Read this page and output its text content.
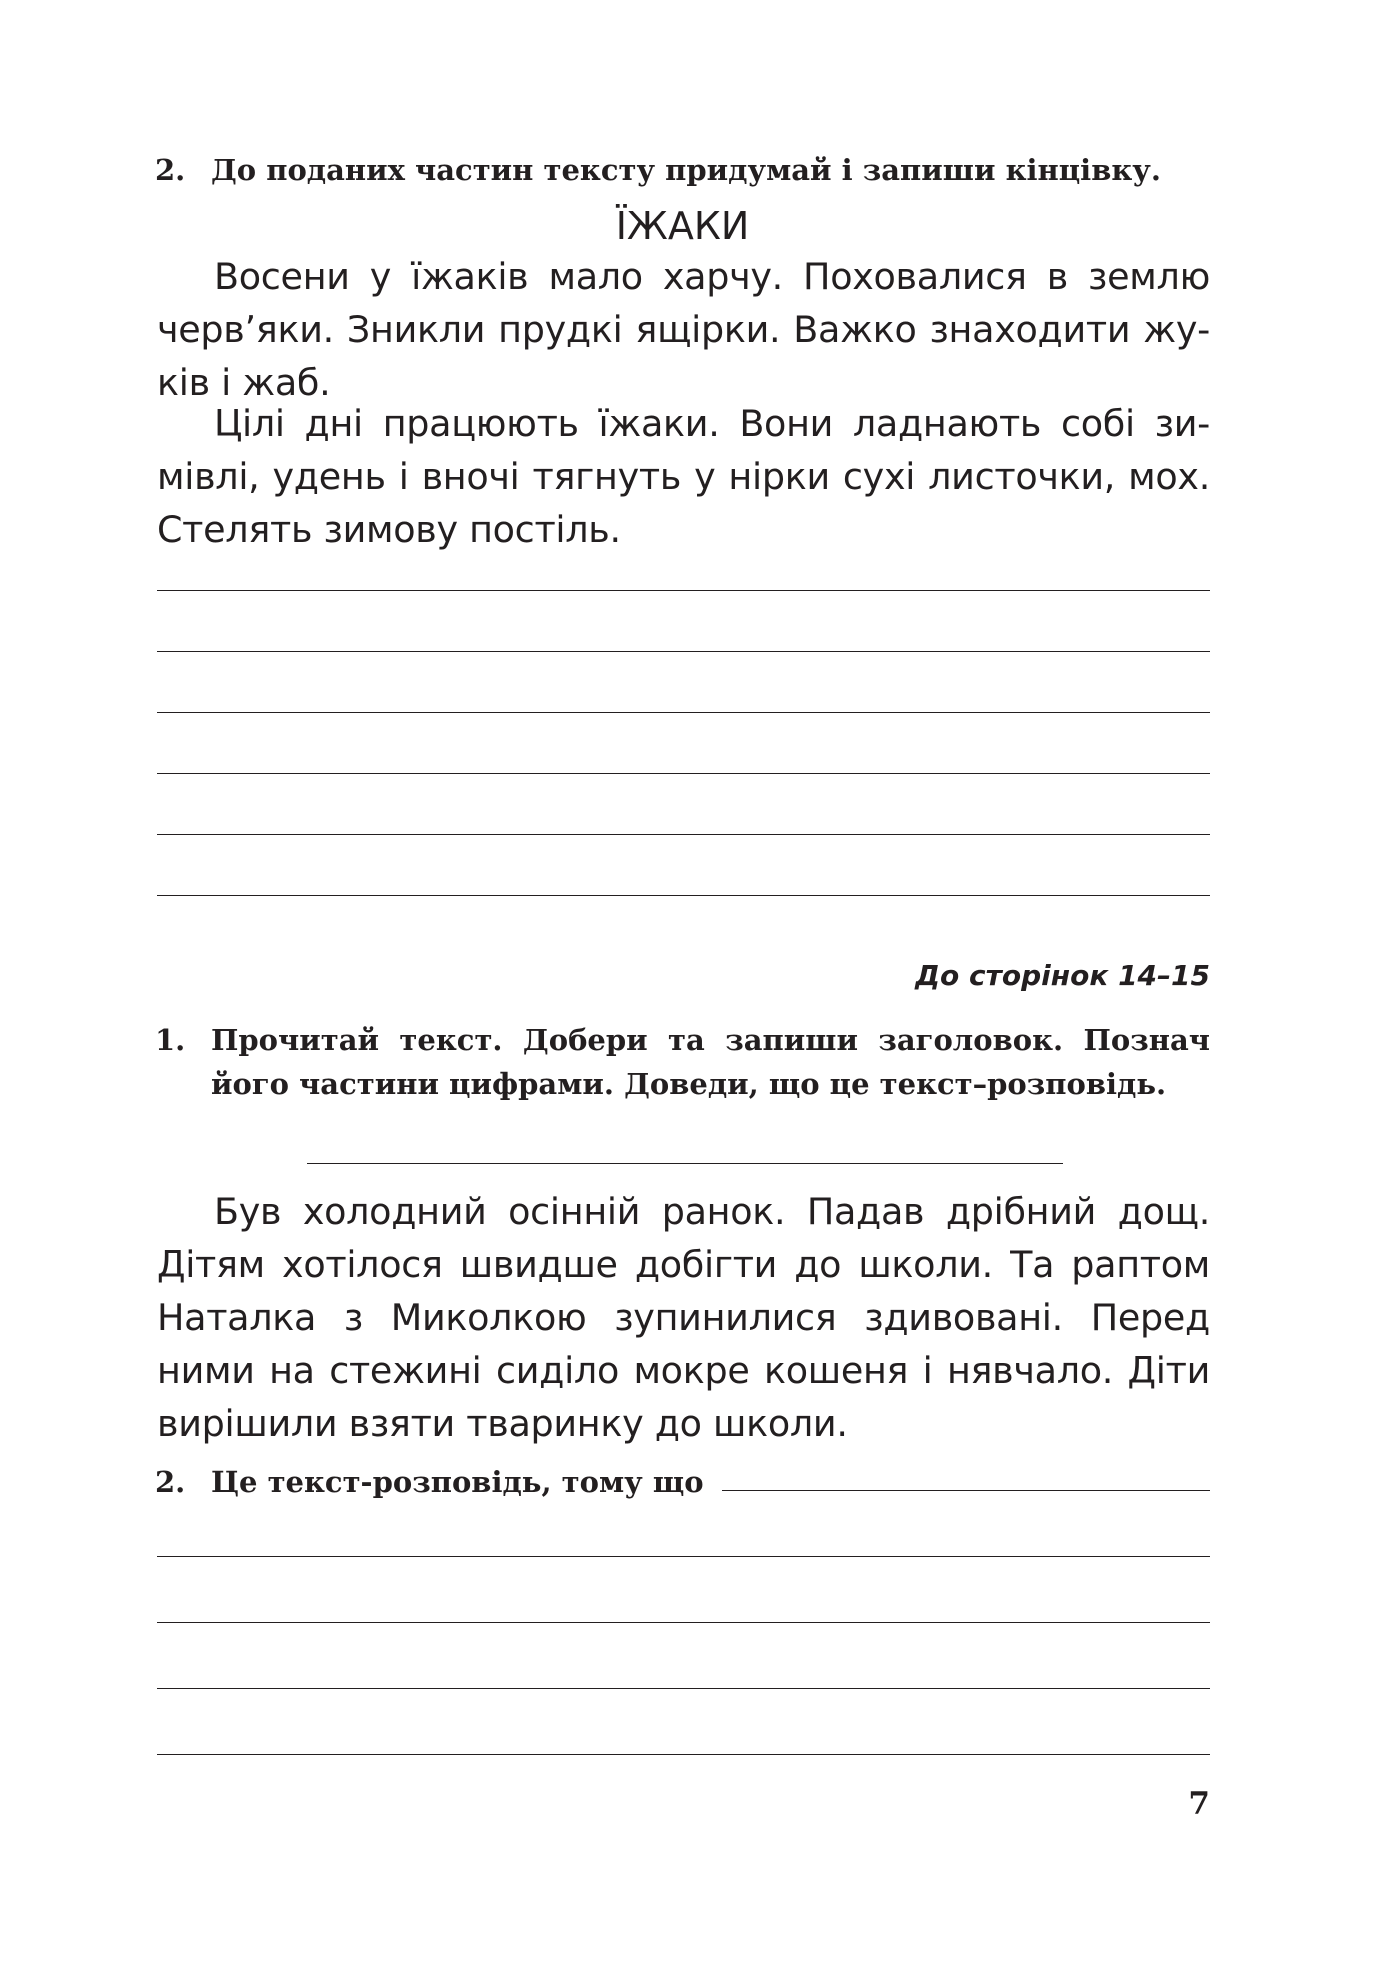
2. До поданих частин тексту придумай і запиши кінцівку.
ЇЖАКИ
Восени у їжаків мало харчу. Поховалися в землю
черв’яки. Зникли прудкі ящірки. Важко знаходити жу-
ків і жаб.
Цілі дні працюють їжаки. Вони ладнають собі зи-
мівлі, удень і вночі тягнуть у нірки сухі листочки, мох.
Стелять зимову постіль.
До сторінок 14–15
1. Прочитай текст. Добери та запиши заголовок. Познач його частини цифрами. Доведи, що це текст–розповідь.
Був холодний осінній ранок. Падав дрібний дощ.
Дітям хотілося швидше добігти до школи. Та раптом
Наталка з Миколкою зупинилися здивовані. Перед
ними на стежині сиділо мокре кошеня і нявчало. Діти
вирішили взяти тваринку до школи.
2. Це текст-розповідь, тому що
7
